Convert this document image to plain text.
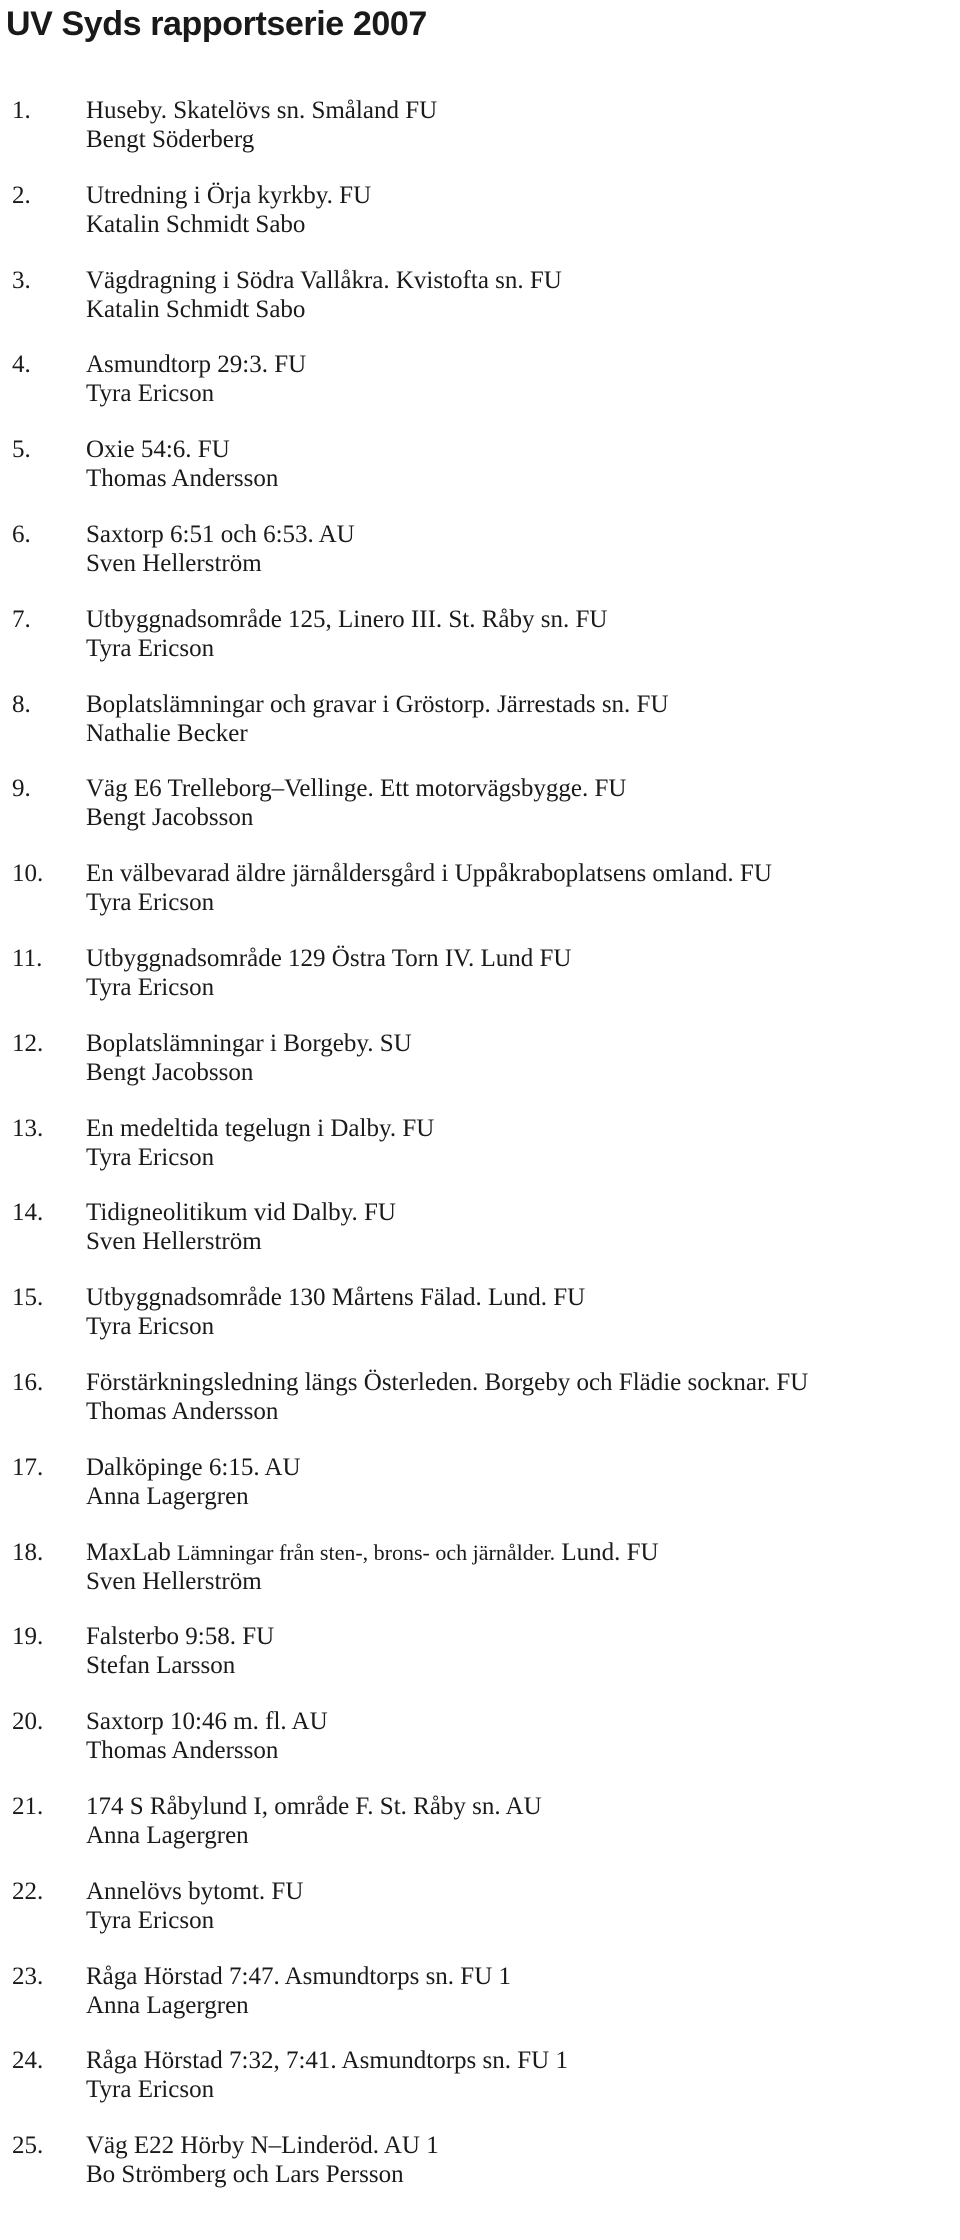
UV Syds rapportserie 2007
1. Huseby. Skatelövs sn. Småland FU
Bengt Söderberg
2. Utredning i Örja kyrkby. FU
Katalin Schmidt Sabo
3. Vägdragning i Södra Vallåkra. Kvistofta sn. FU
Katalin Schmidt Sabo
4. Asmundtorp 29:3. FU
Tyra Ericson
5. Oxie 54:6. FU
Thomas Andersson
6. Saxtorp 6:51 och 6:53. AU
Sven Hellerström
7. Utbyggnadsområde 125, Linero III. St. Råby sn. FU
Tyra Ericson
8. Boplatslämningar och gravar i Gröstorp. Järrestads sn. FU
Nathalie Becker
9. Väg E6 Trelleborg–Vellinge. Ett motorvägsbygge. FU
Bengt Jacobsson
10. En välbevarad äldre järnåldersgård i Uppåkraboplatsens omland. FU
Tyra Ericson
11. Utbyggnadsområde 129 Östra Torn IV. Lund FU
Tyra Ericson
12. Boplatslämningar i Borgeby. SU
Bengt Jacobsson
13. En medeltida tegelugn i Dalby. FU
Tyra Ericson
14. Tidigneolitikum vid Dalby. FU
Sven Hellerström
15. Utbyggnadsområde 130 Mårtens Fälad. Lund. FU
Tyra Ericson
16. Förstärkningsledning längs Österleden. Borgeby och Flädie socknar. FU
Thomas Andersson
17. Dalköpinge 6:15. AU
Anna Lagergren
18. MaxLab Lämningar från sten-, brons- och järnålder. Lund. FU
Sven Hellerström
19. Falsterbo 9:58. FU
Stefan Larsson
20. Saxtorp 10:46 m. fl. AU
Thomas Andersson
21. 174 S Råbylund I, område F. St. Råby sn. AU
Anna Lagergren
22. Annelövs bytomt. FU
Tyra Ericson
23. Råga Hörstad 7:47. Asmundtorps sn. FU 1
Anna Lagergren
24. Råga Hörstad 7:32, 7:41. Asmundtorps sn. FU 1
Tyra Ericson
25. Väg E22 Hörby N–Linderöd. AU 1
Bo Strömberg och Lars Persson
